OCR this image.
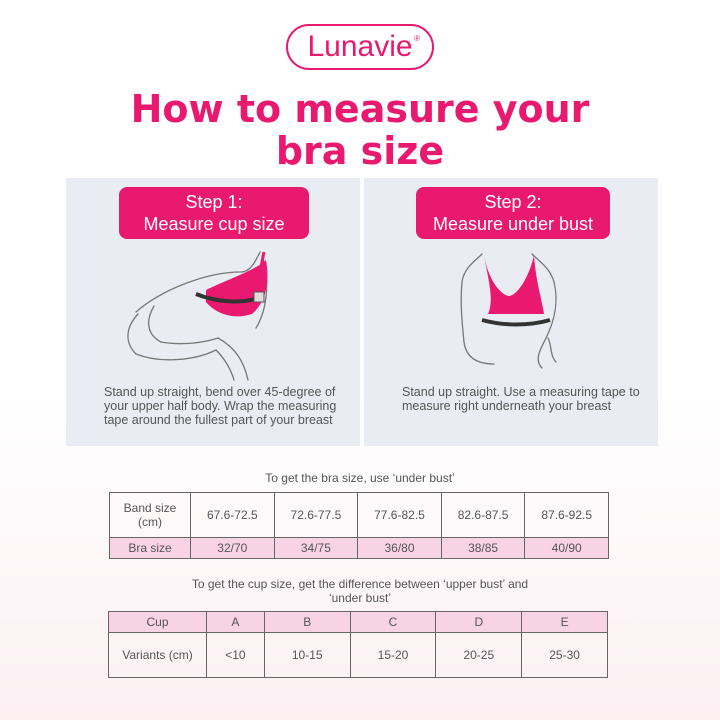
Lunavie ®
How to measure your
bra size
Step 1:
Measure cup size
Stand up straight, bend over 45-degree of your upper half body. Wrap the measuring tape around the fullest part of your breast
Step 2:
Measure under bust
Stand up straight. Use a measuring tape to measure right underneath your breast
To get the bra size, use ‘under bust’
Band size (cm)	67.6-72.5	72.6-77.5	77.6-82.5	82.6-87.5	87.6-92.5
Bra size	32/70	34/75	36/80	38/85	40/90
To get the cup size, get the difference between ‘upper bust’ and
‘under bust’
Cup	A	B	C	D	E
Variants (cm)	<10	10-15	15-20	20-25	25-30
